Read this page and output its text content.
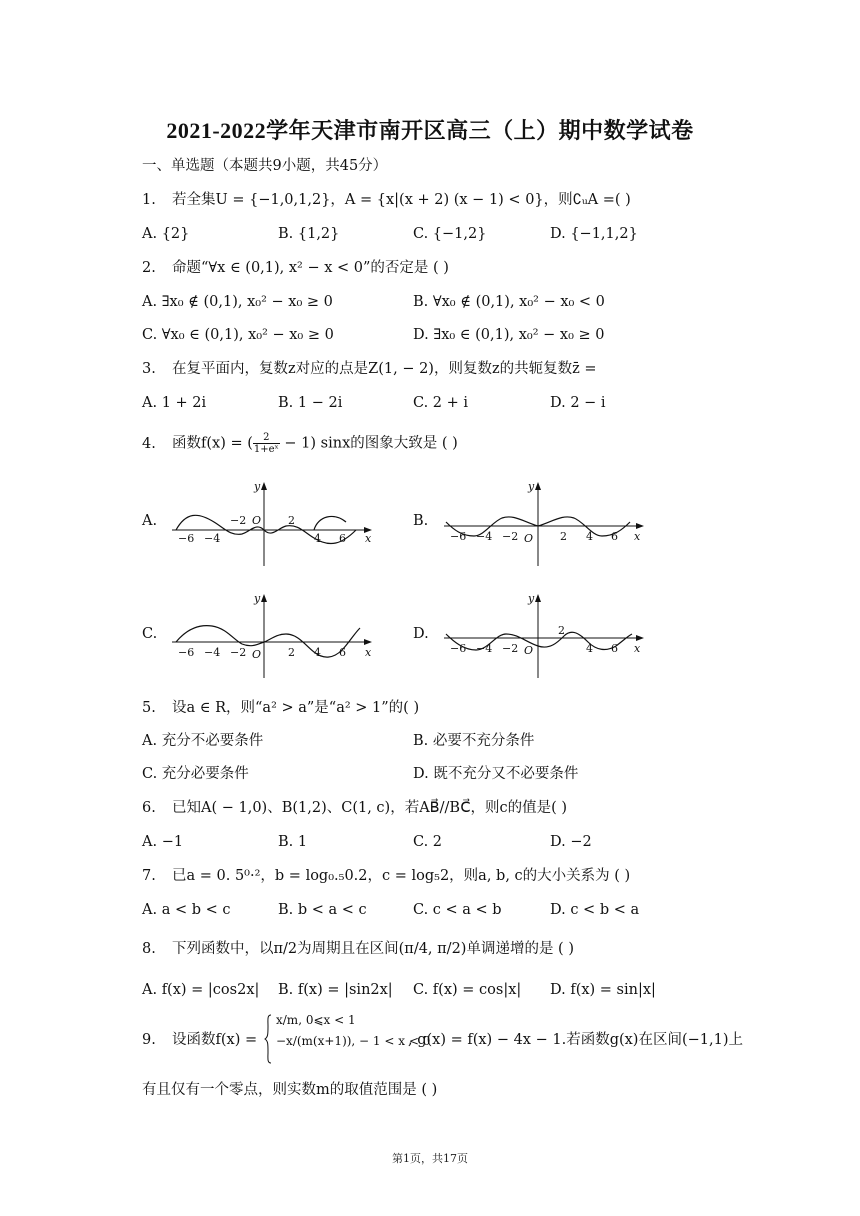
2021-2022学年天津市南开区高三（上）期中数学试卷
一、单选题（本题共9小题，共45分）
1. 若全集U = {−1,0,1,2}，A = {x|(x + 2) (x − 1) < 0}，则∁ᵤA =( )
A. {2}	B. {1,2}	C. {−1,2}	D. {−1,1,2}
2. 命题“∀x ∈ (0,1), x² − x < 0”的否定是 ( )
A. ∃x₀ ∉ (0,1), x₀² − x₀ ≥ 0	B. ∀x₀ ∉ (0,1), x₀² − x₀ < 0
C. ∀x₀ ∈ (0,1), x₀² − x₀ ≥ 0	D. ∃x₀ ∈ (0,1), x₀² − x₀ ≥ 0
3. 在复平面内，复数z对应的点是Z(1, − 2)，则复数z的共轭复数z̄ =
A. 1 + 2i	B. 1 − 2i	C. 2 + i	D. 2 − i
4. 函数f(x) = ( $\frac{2}{\text{1+eˣ}} - 1$) sinx的图象大致是 ( )
A.	B.
C.	D.
y
x
O
−2	2
−6 −4	4 6
y
x
O
−6 −4 −2	2 4 6
y
x
O
−6 −4 −2	2 4 6
y
x
O
2
−6 −4 −2	4 6
5. 设a ∈ R，则“a² > a”是“a² > 1”的( )
A. 充分不必要条件	B. 必要不充分条件
C. 充分必要条件	D. 既不充分又不必要条件
6. 已知A( − 1,0)、B(1,2)、C(1, c)，若AB⃗//BC⃗，则c的值是( )
A. −1	B. 1	C. 2	D. −2
7. 已a = 0. 5⁰·²，b = log₀.₅0.2，c = log₅2，则a, b, c的大小关系为 ( )
A. a < b < c	B. b < a < c	C. c < a < b	D. c < b < a
8. 下列函数中，以π/2为周期且在区间(π/4, π/2)单调递增的是 ( )
A. f(x) = |cos2x| B. f(x) = |sin2x| C. f(x) = cos|x| D. f(x) = sin|x|
9. 设函数f(x) =
x/m, 0⩽x < 1
−x/(m(x+1)), − 1 < x < 0
, g(x) = f(x) − 4x − 1.若函数g(x)在区间(−1,1)上
有且仅有一个零点，则实数m的取值范围是 ( )
第1页，共17页
